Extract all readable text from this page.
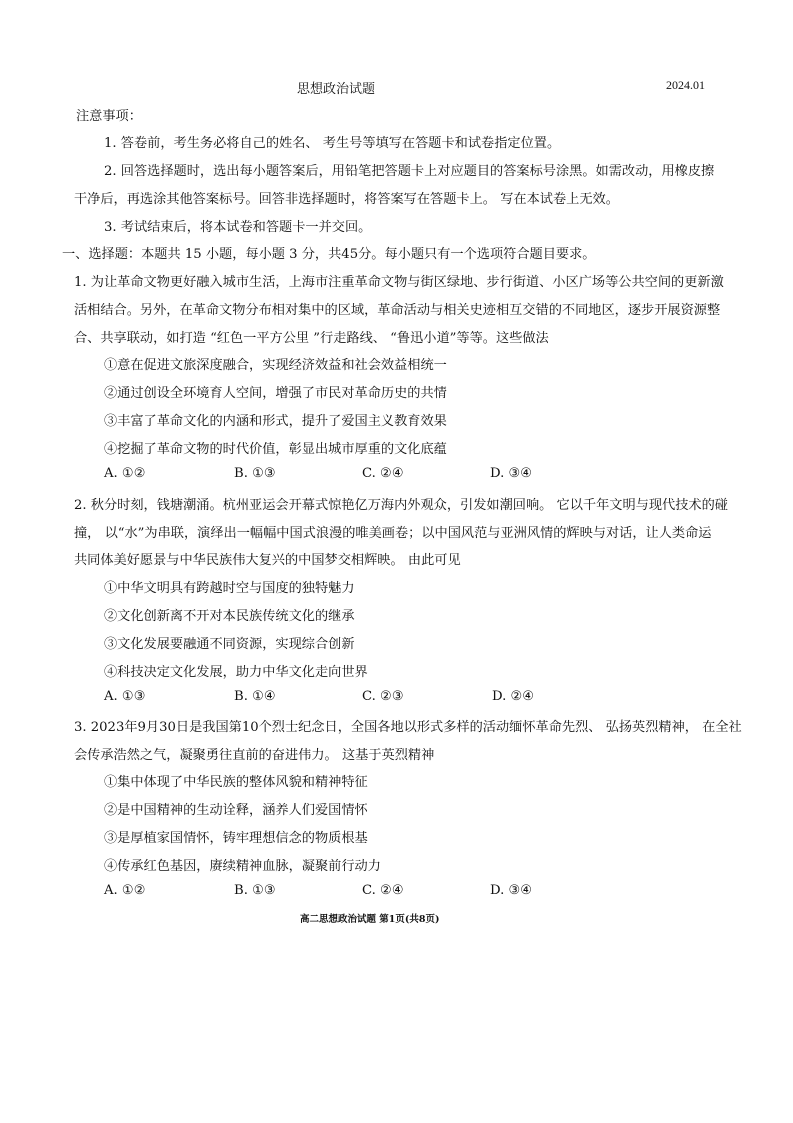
思想政治试题	2024.01
注意事项：
1. 答卷前，考生务必将自己的姓名、 考生号等填写在答题卡和试卷指定位置。
2. 回答选择题时，选出每小题答案后，用铅笔把答题卡上对应题目的答案标号涂黑。如需改动，用橡皮擦
干净后，再选涂其他答案标号。回答非选择题时，将答案写在答题卡上。 写在本试卷上无效。
3. 考试结束后，将本试卷和答题卡一并交回。
一、选择题：本题共 15 小题，每小题 3 分，共45分。每小题只有一个选项符合题目要求。
1. 为让革命文物更好融入城市生活，上海市注重革命文物与街区绿地、步行街道、小区广场等公共空间的更新激
活相结合。另外，在革命文物分布相对集中的区域，革命活动与相关史迹相互交错的不同地区，逐步开展资源整
合、共享联动，如打造 “红色一平方公里 ”行走路线、 “鲁迅小道”等等。这些做法
①意在促进文旅深度融合，实现经济效益和社会效益相统一
②通过创设全环境育人空间，增强了市民对革命历史的共情
③丰富了革命文化的内涵和形式，提升了爱国主义教育效果
④挖掘了革命文物的时代价值，彰显出城市厚重的文化底蕴
A. ①②	B. ①③	C. ②④	D. ③④
2. 秋分时刻，钱塘潮涌。杭州亚运会开幕式惊艳亿万海内外观众，引发如潮回响。 它以千年文明与现代技术的碰
撞， 以“水”为串联，演绎出一幅幅中国式浪漫的唯美画卷；以中国风范与亚洲风情的辉映与对话，让人类命运
共同体美好愿景与中华民族伟大复兴的中国梦交相辉映。 由此可见
①中华文明具有跨越时空与国度的独特魅力
②文化创新离不开对本民族传统文化的继承
③文化发展要融通不同资源，实现综合创新
④科技决定文化发展，助力中华文化走向世界
A. ①③	B. ①④	C. ②③	D. ②④
3. 2023年9月30日是我国第10个烈士纪念日，全国各地以形式多样的活动缅怀革命先烈、 弘扬英烈精神， 在全社
会传承浩然之气，凝聚勇往直前的奋进伟力。 这基于英烈精神
①集中体现了中华民族的整体风貌和精神特征
②是中国精神的生动诠释，涵养人们爱国情怀
③是厚植家国情怀，铸牢理想信念的物质根基
④传承红色基因，赓续精神血脉，凝聚前行动力
A. ①②	B. ①③	C. ②④	D. ③④
高二思想政治试题 第1页(共8页)
